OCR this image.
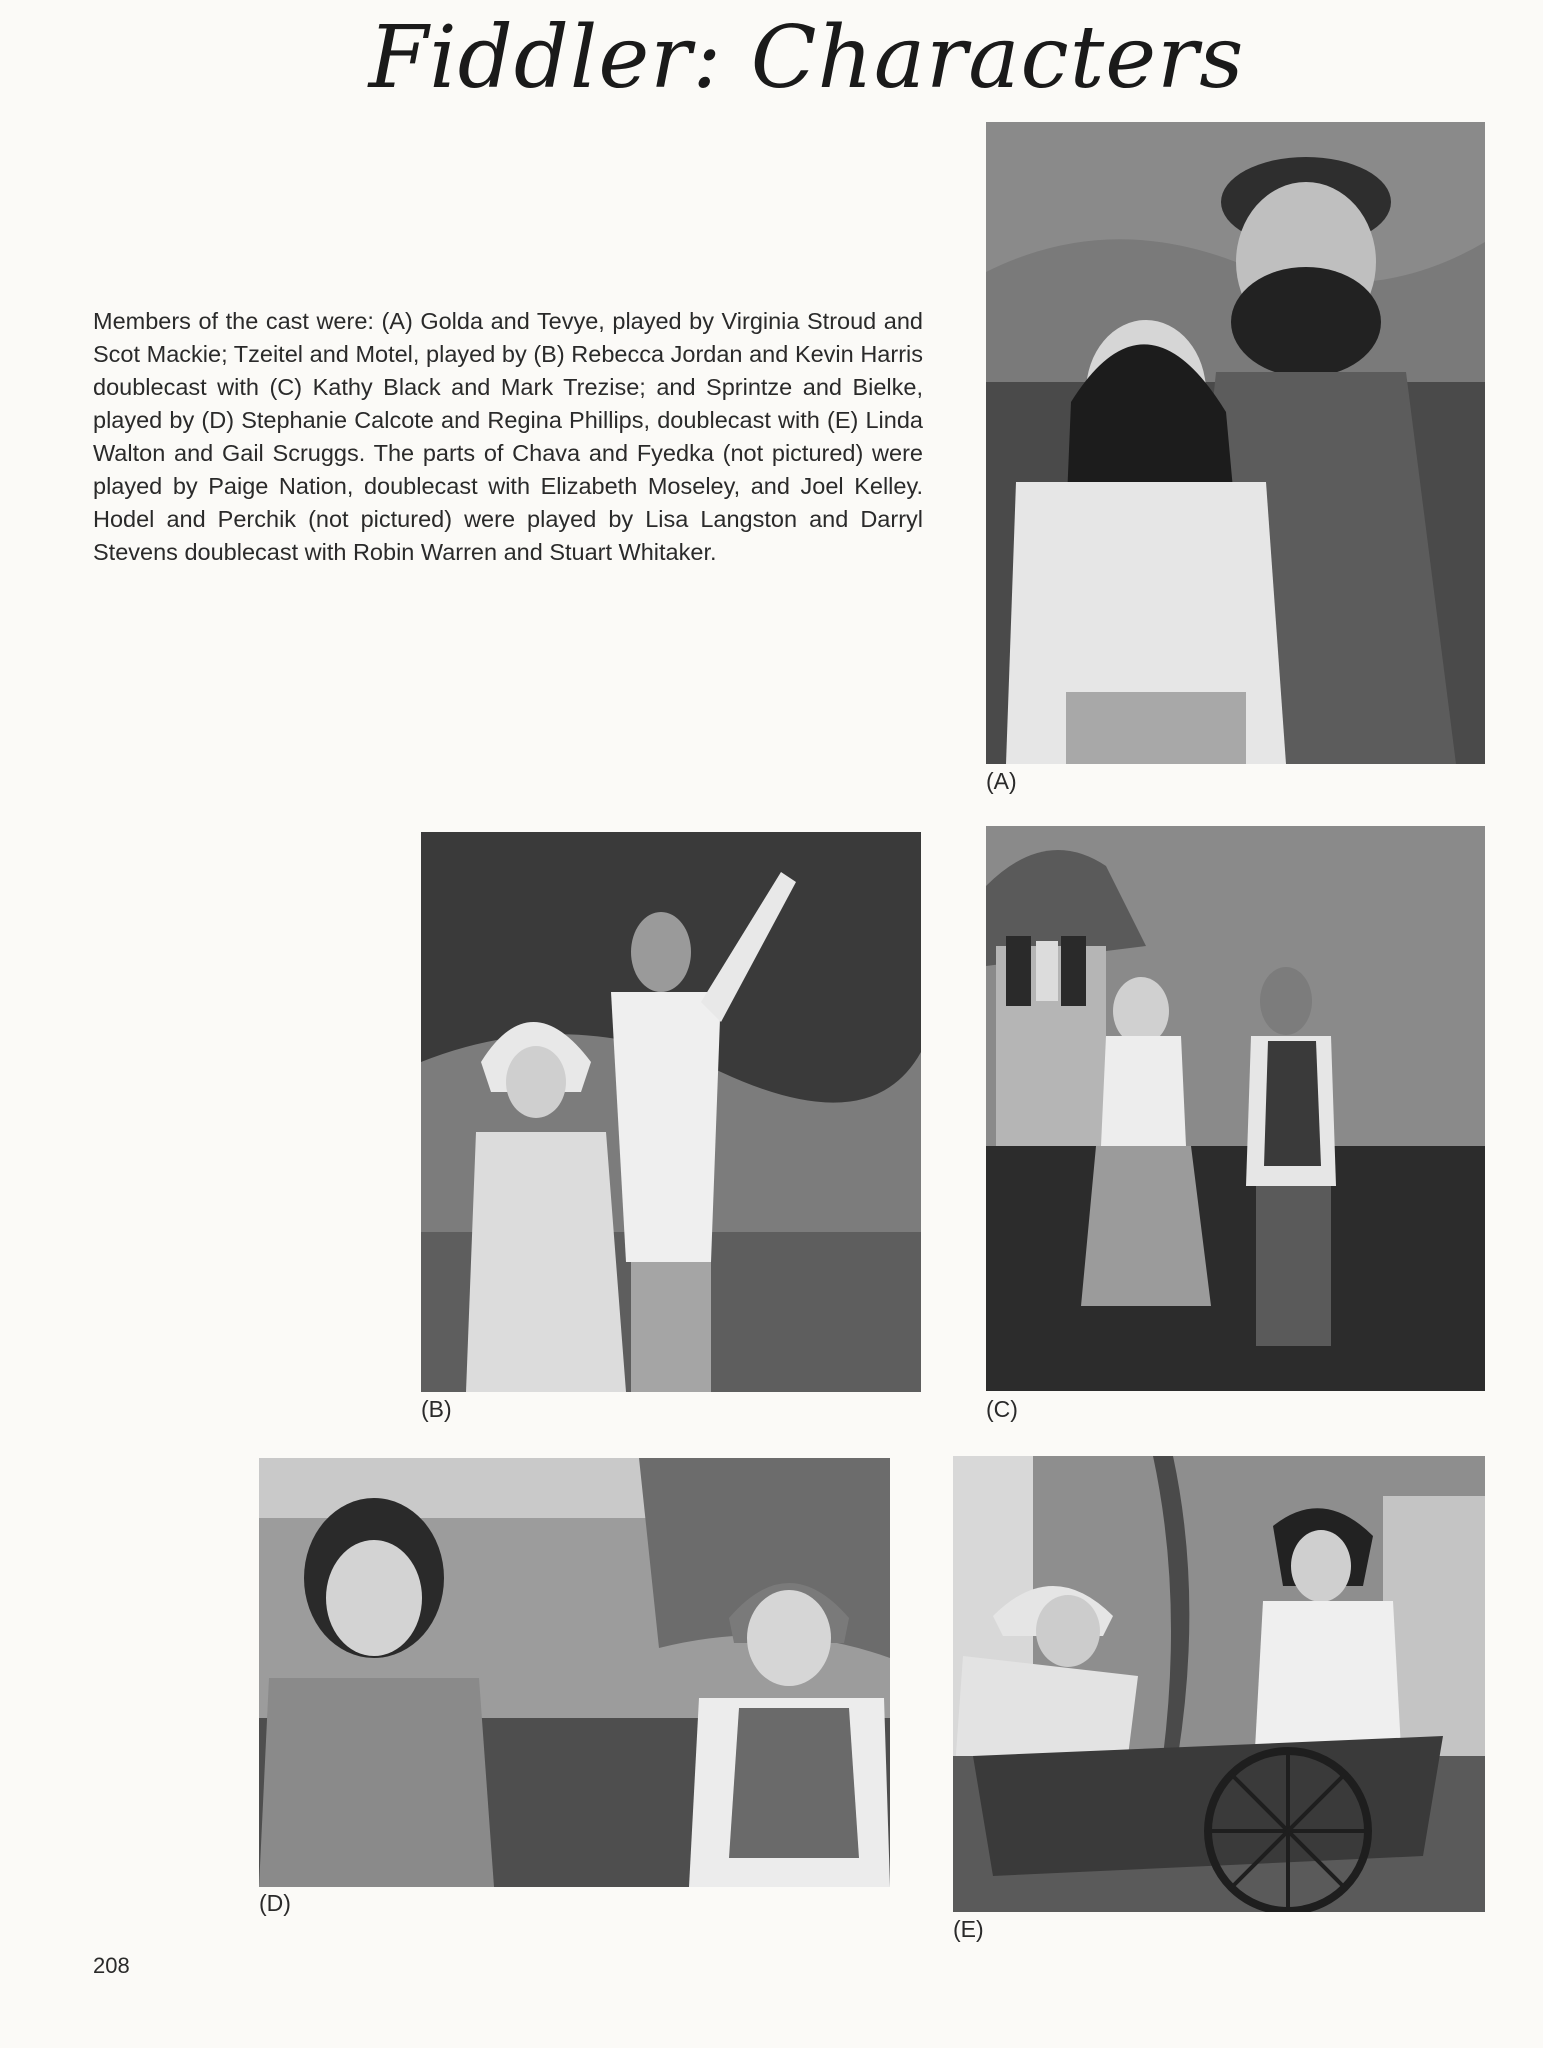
Fiddler: Characters
Members of the cast were: (A) Golda and Tevye, played by Virginia Stroud and Scot Mackie; Tzeitel and Motel, played by (B) Rebecca Jordan and Kevin Harris doublecast with (C) Kathy Black and Mark Trezise; and Sprintze and Bielke, played by (D) Stephanie Calcote and Regina Phillips, doublecast with (E) Linda Walton and Gail Scruggs. The parts of Chava and Fyedka (not pictured) were played by Paige Nation, doublecast with Elizabeth Moseley, and Joel Kelley. Hodel and Perchik (not pictured) were played by Lisa Langston and Darryl Stevens doublecast with Robin Warren and Stuart Whitaker.
(A)
(B)	(C)
(D)
(E)
208
